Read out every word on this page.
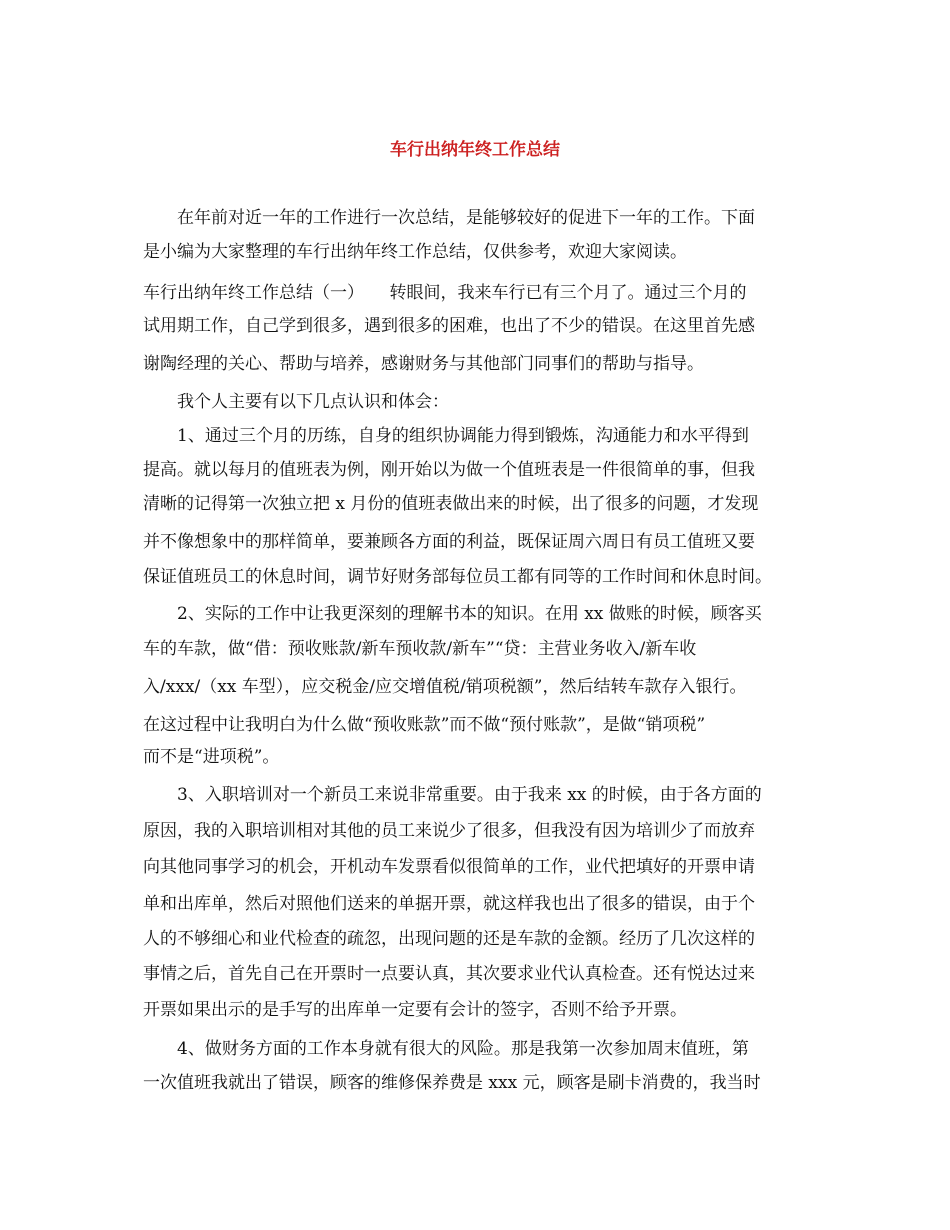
车行出纳年终工作总结
在年前对近一年的工作进行一次总结，是能够较好的促进下一年的工作。下面
是小编为大家整理的车行出纳年终工作总结，仅供参考，欢迎大家阅读。
车行出纳年终工作总结（一）　　转眼间，我来车行已有三个月了。通过三个月的
试用期工作，自己学到很多，遇到很多的困难，也出了不少的错误。在这里首先感
谢陶经理的关心、帮助与培养，感谢财务与其他部门同事们的帮助与指导。
我个人主要有以下几点认识和体会：
1、通过三个月的历练，自身的组织协调能力得到锻炼，沟通能力和水平得到
提高。就以每月的值班表为例，刚开始以为做一个值班表是一件很简单的事，但我
清晰的记得第一次独立把 x 月份的值班表做出来的时候，出了很多的问题，才发现
并不像想象中的那样简单，要兼顾各方面的利益，既保证周六周日有员工值班又要
保证值班员工的休息时间，调节好财务部每位员工都有同等的工作时间和休息时间。
2、实际的工作中让我更深刻的理解书本的知识。在用 xx 做账的时候，顾客买
车的车款，做“借：预收账款/新车预收款/新车”“贷：主营业务收入/新车收
入/xxx/（xx 车型），应交税金/应交增值税/销项税额”，然后结转车款存入银行。
在这过程中让我明白为什么做“预收账款”而不做“预付账款”，是做“销项税”
而不是“进项税”。
3、入职培训对一个新员工来说非常重要。由于我来 xx 的时候，由于各方面的
原因，我的入职培训相对其他的员工来说少了很多，但我没有因为培训少了而放弃
向其他同事学习的机会，开机动车发票看似很简单的工作，业代把填好的开票申请
单和出库单，然后对照他们送来的单据开票，就这样我也出了很多的错误，由于个
人的不够细心和业代检查的疏忽，出现问题的还是车款的金额。经历了几次这样的
事情之后，首先自己在开票时一点要认真，其次要求业代认真检查。还有悦达过来
开票如果出示的是手写的出库单一定要有会计的签字，否则不给予开票。
4、做财务方面的工作本身就有很大的风险。那是我第一次参加周末值班，第
一次值班我就出了错误，顾客的维修保养费是 xxx 元，顾客是刷卡消费的，我当时
